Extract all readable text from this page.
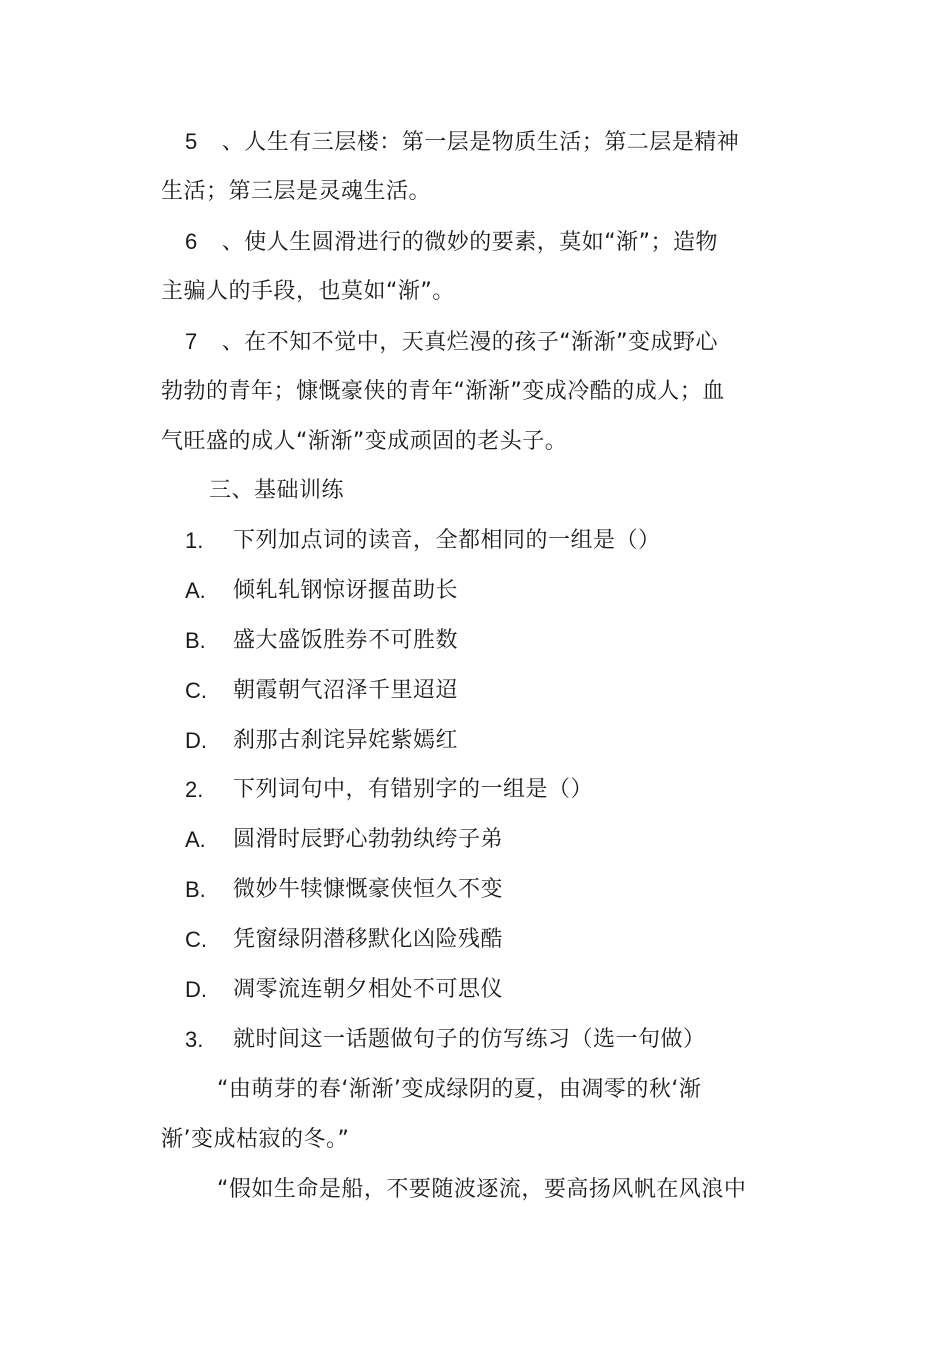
5 、人生有三层楼：第一层是物质生活；第二层是精神
生活；第三层是灵魂生活。
6 、使人生圆滑进行的微妙的要素，莫如“渐”；造物
主骗人的手段，也莫如“渐”。
7 、在不知不觉中，天真烂漫的孩子“渐渐”变成野心
勃勃的青年；慷慨豪侠的青年“渐渐”变成冷酷的成人；血
气旺盛的成人“渐渐”变成顽固的老头子。
三、基础训练
1. 下列加点词的读音，全都相同的一组是（）
A. 倾轧轧钢惊讶揠苗助长
B. 盛大盛饭胜券不可胜数
C. 朝霞朝气沼泽千里迢迢
D. 刹那古刹诧异姹紫嫣红
2. 下列词句中，有错别字的一组是（）
A. 圆滑时辰野心勃勃纨绔子弟
B. 微妙牛犊慷慨豪侠恒久不变
C. 凭窗绿阴潜移默化凶险残酷
D. 凋零流连朝夕相处不可思仪
3. 就时间这一话题做句子的仿写练习（选一句做）
“由萌芽的春‘渐渐’变成绿阴的夏，由凋零的秋‘渐
渐’变成枯寂的冬。”
“假如生命是船，不要随波逐流，要高扬风帆在风浪中
